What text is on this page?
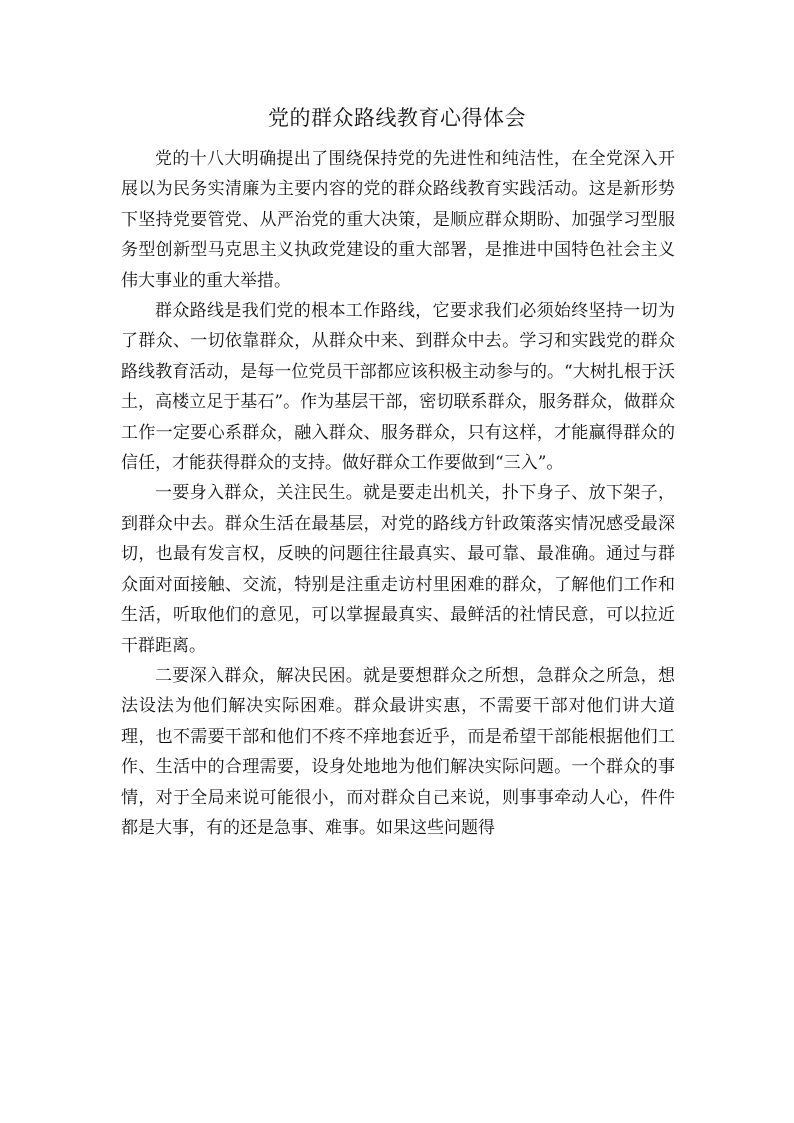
党的群众路线教育心得体会

党的十八大明确提出了围绕保持党的先进性和纯洁性，在全党深入开展以为民务实清廉为主要内容的党的群众路线教育实践活动。这是新形势下坚持党要管党、从严治党的重大决策，是顺应群众期盼、加强学习型服务型创新型马克思主义执政党建设的重大部署，是推进中国特色社会主义伟大事业的重大举措。

群众路线是我们党的根本工作路线，它要求我们必须始终坚持一切为了群众、一切依靠群众，从群众中来、到群众中去。学习和实践党的群众路线教育活动，是每一位党员干部都应该积极主动参与的。“大树扎根于沃土，高楼立足于基石”。作为基层干部，密切联系群众，服务群众，做群众工作一定要心系群众，融入群众、服务群众，只有这样，才能赢得群众的信任，才能获得群众的支持。做好群众工作要做到“三入”。

一要身入群众，关注民生。就是要走出机关，扑下身子、放下架子，到群众中去。群众生活在最基层，对党的路线方针政策落实情况感受最深切，也最有发言权，反映的问题往往最真实、最可靠、最准确。通过与群众面对面接触、交流，特别是注重走访村里困难的群众，了解他们工作和生活，听取他们的意见，可以掌握最真实、最鲜活的社情民意，可以拉近干群距离。

二要深入群众，解决民困。就是要想群众之所想，急群众之所急，想法设法为他们解决实际困难。群众最讲实惠，不需要干部对他们讲大道理，也不需要干部和他们不疼不痒地套近乎，而是希望干部能根据他们工作、生活中的合理需要，设身处地地为他们解决实际问题。一个群众的事情，对于全局来说可能很小，而对群众自己来说，则事事牵动人心，件件都是大事，有的还是急事、难事。如果这些问题得
